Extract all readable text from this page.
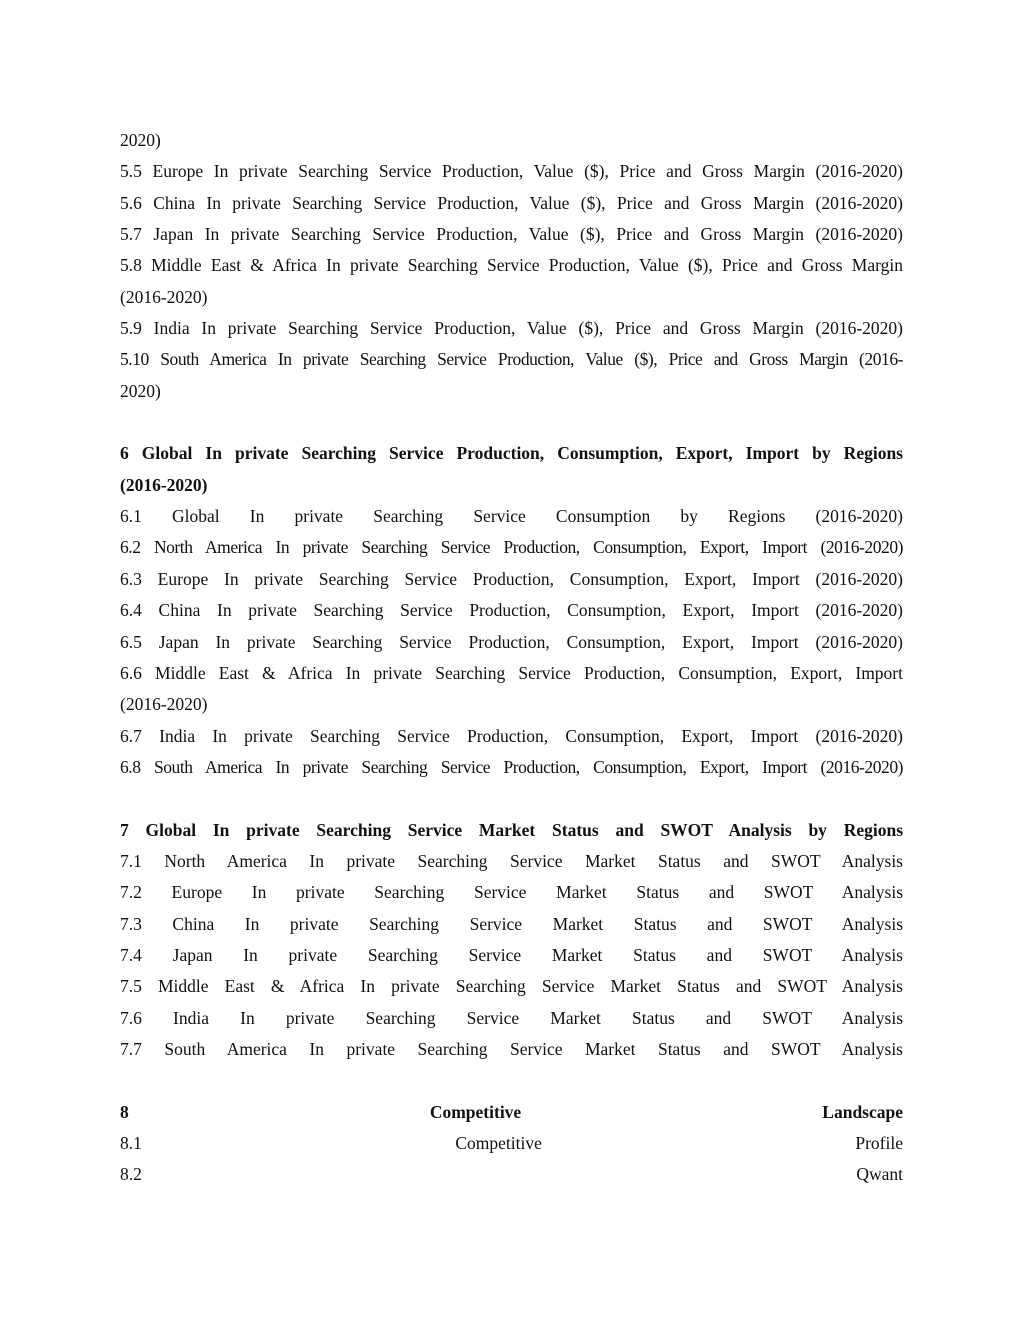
2020)
5.5 Europe In private Searching Service Production, Value ($), Price and Gross Margin (2016-2020)
5.6 China In private Searching Service Production, Value ($), Price and Gross Margin (2016-2020)
5.7 Japan In private Searching Service Production, Value ($), Price and Gross Margin (2016-2020)
5.8 Middle East & Africa In private Searching Service Production, Value ($), Price and Gross Margin
(2016-2020)
5.9 India In private Searching Service Production, Value ($), Price and Gross Margin (2016-2020)
5.10 South America In private Searching Service Production, Value ($), Price and Gross Margin (2016-
2020)
6 Global In private Searching Service Production, Consumption, Export, Import by Regions
(2016-2020)
6.1 Global In private Searching Service Consumption by Regions (2016-2020)
6.2 North America In private Searching Service Production, Consumption, Export, Import (2016-2020)
6.3 Europe In private Searching Service Production, Consumption, Export, Import (2016-2020)
6.4 China In private Searching Service Production, Consumption, Export, Import (2016-2020)
6.5 Japan In private Searching Service Production, Consumption, Export, Import (2016-2020)
6.6 Middle East & Africa In private Searching Service Production, Consumption, Export, Import
(2016-2020)
6.7 India In private Searching Service Production, Consumption, Export, Import (2016-2020)
6.8 South America In private Searching Service Production, Consumption, Export, Import (2016-2020)
7 Global In private Searching Service Market Status and SWOT Analysis by Regions
7.1 North America In private Searching Service Market Status and SWOT Analysis
7.2 Europe In private Searching Service Market Status and SWOT Analysis
7.3 China In private Searching Service Market Status and SWOT Analysis
7.4 Japan In private Searching Service Market Status and SWOT Analysis
7.5 Middle East & Africa In private Searching Service Market Status and SWOT Analysis
7.6 India In private Searching Service Market Status and SWOT Analysis
7.7 South America In private Searching Service Market Status and SWOT Analysis
8 Competitive Landscape
8.1 Competitive Profile
8.2 Qwant
